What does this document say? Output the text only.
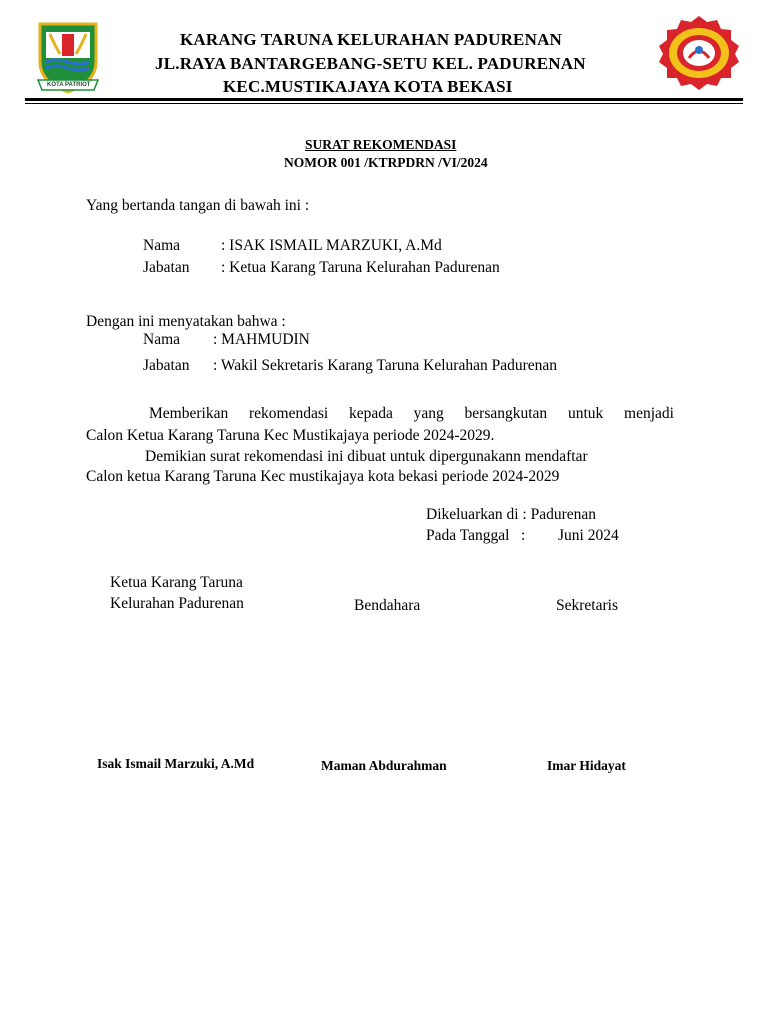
KOTA PATRIOT
KARANG TARUNA KELURAHAN PADURENAN
JL.RAYA BANTARGEBANG-SETU KEL. PADURENAN
KEC.MUSTIKAJAYA KOTA BEKASI
SURAT REKOMENDASI
NOMOR 001 /KTRPDRN /VI/2024
Yang bertanda tangan di bawah ini :
Nama	: ISAK ISMAIL MARZUKI, A.Md
Jabatan : Ketua Karang Taruna Kelurahan Padurenan
Dengan ini menyatakan bahwa :
Nama : MAHMUDIN
Jabatan : Wakil Sekretaris Karang Taruna Kelurahan Padurenan
Memberikan rekomendasi kepada yang bersangkutan untuk menjadi
Calon Ketua Karang Taruna Kec Mustikajaya periode 2024-2029.
Demikian surat rekomendasi ini dibuat untuk dipergunakann mendaftar
Calon ketua Karang Taruna Kec mustikajaya kota bekasi periode 2024-2029
Dikeluarkan di : Padurenan
Pada Tanggal   : Juni 2024
Ketua Karang Taruna
Kelurahan Padurenan	Bendahara	Sekretaris
Isak Ismail Marzuki, A.Md	Maman Abdurahman	Imar Hidayat
